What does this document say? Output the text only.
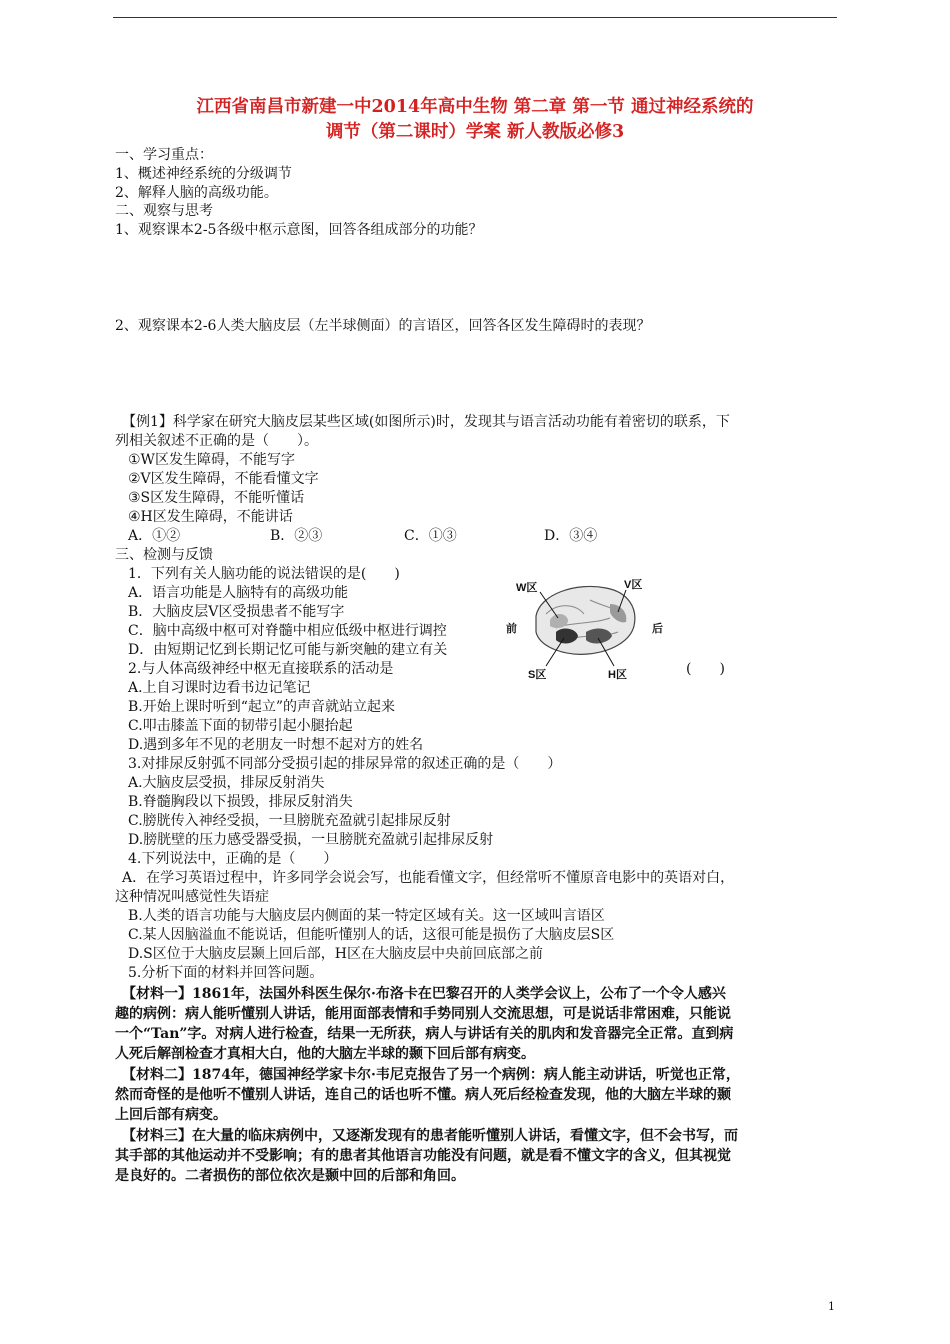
江西省南昌市新建一中2014年高中生物 第二章 第一节 通过神经系统的
调节（第二课时）学案 新人教版必修3
一、学习重点：
1、概述神经系统的分级调节
2、解释人脑的高级功能。
二、观察与思考
1、观察课本2-5各级中枢示意图，回答各组成部分的功能？
2、观察课本2-6人类大脑皮层（左半球侧面）的言语区，回答各区发生障碍时的表现？
【例1】科学家在研究大脑皮层某些区域(如图所示)时，发现其与语言活动功能有着密切的联系，下
列相关叙述不正确的是（　　）。
①W区发生障碍，不能写字
②V区发生障碍，不能看懂文字
③S区发生障碍，不能听懂话
④H区发生障碍，不能讲话
A．①②	B．②③	C．①③	D．③④
三、检测与反馈
1．下列有关人脑功能的说法错误的是(　　)
A．语言功能是人脑特有的高级功能
B．大脑皮层V区受损患者不能写字
C．脑中高级中枢可对脊髓中相应低级中枢进行调控
D．由短期记忆到长期记忆可能与新突触的建立有关
W区	V区
前	后
S区	H区
2.与人体高级神经中枢无直接联系的活动是	(　　)
A.上自习课时边看书边记笔记
B.开始上课时听到“起立”的声音就站立起来
C.叩击膝盖下面的韧带引起小腿抬起
D.遇到多年不见的老朋友一时想不起对方的姓名
3.对排尿反射弧不同部分受损引起的排尿异常的叙述正确的是（　　）
A.大脑皮层受损，排尿反射消失
B.脊髓胸段以下损毁，排尿反射消失
C.膀胱传入神经受损，一旦膀胱充盈就引起排尿反射
D.膀胱壁的压力感受器受损，一旦膀胱充盈就引起排尿反射
4.下列说法中，正确的是（　　）
A．在学习英语过程中，许多同学会说会写，也能看懂文字，但经常听不懂原音电影中的英语对白，
这种情况叫感觉性失语症
B.人类的语言功能与大脑皮层内侧面的某一特定区域有关。这一区域叫言语区
C.某人因脑溢血不能说话，但能听懂别人的话，这很可能是损伤了大脑皮层S区
D.S区位于大脑皮层颞上回后部，H区在大脑皮层中央前回底部之前
5.分析下面的材料并回答问题。
【材料一】1861年，法国外科医生保尔·布洛卡在巴黎召开的人类学会议上，公布了一个令人感兴
趣的病例：病人能听懂别人讲话，能用面部表情和手势同别人交流思想，可是说话非常困难，只能说
一个“Tan”字。对病人进行检查，结果一无所获，病人与讲话有关的肌肉和发音器完全正常。直到病
人死后解剖检查才真相大白，他的大脑左半球的颞下回后部有病变。
【材料二】1874年，德国神经学家卡尔·韦尼克报告了另一个病例：病人能主动讲话，听觉也正常，
然而奇怪的是他听不懂别人讲话，连自己的话也听不懂。病人死后经检查发现，他的大脑左半球的颞
上回后部有病变。
【材料三】在大量的临床病例中，又逐渐发现有的患者能听懂别人讲话，看懂文字，但不会书写，而
其手部的其他运动并不受影响；有的患者其他语言功能没有问题，就是看不懂文字的含义，但其视觉
是良好的。二者损伤的部位依次是颞中回的后部和角回。
1
